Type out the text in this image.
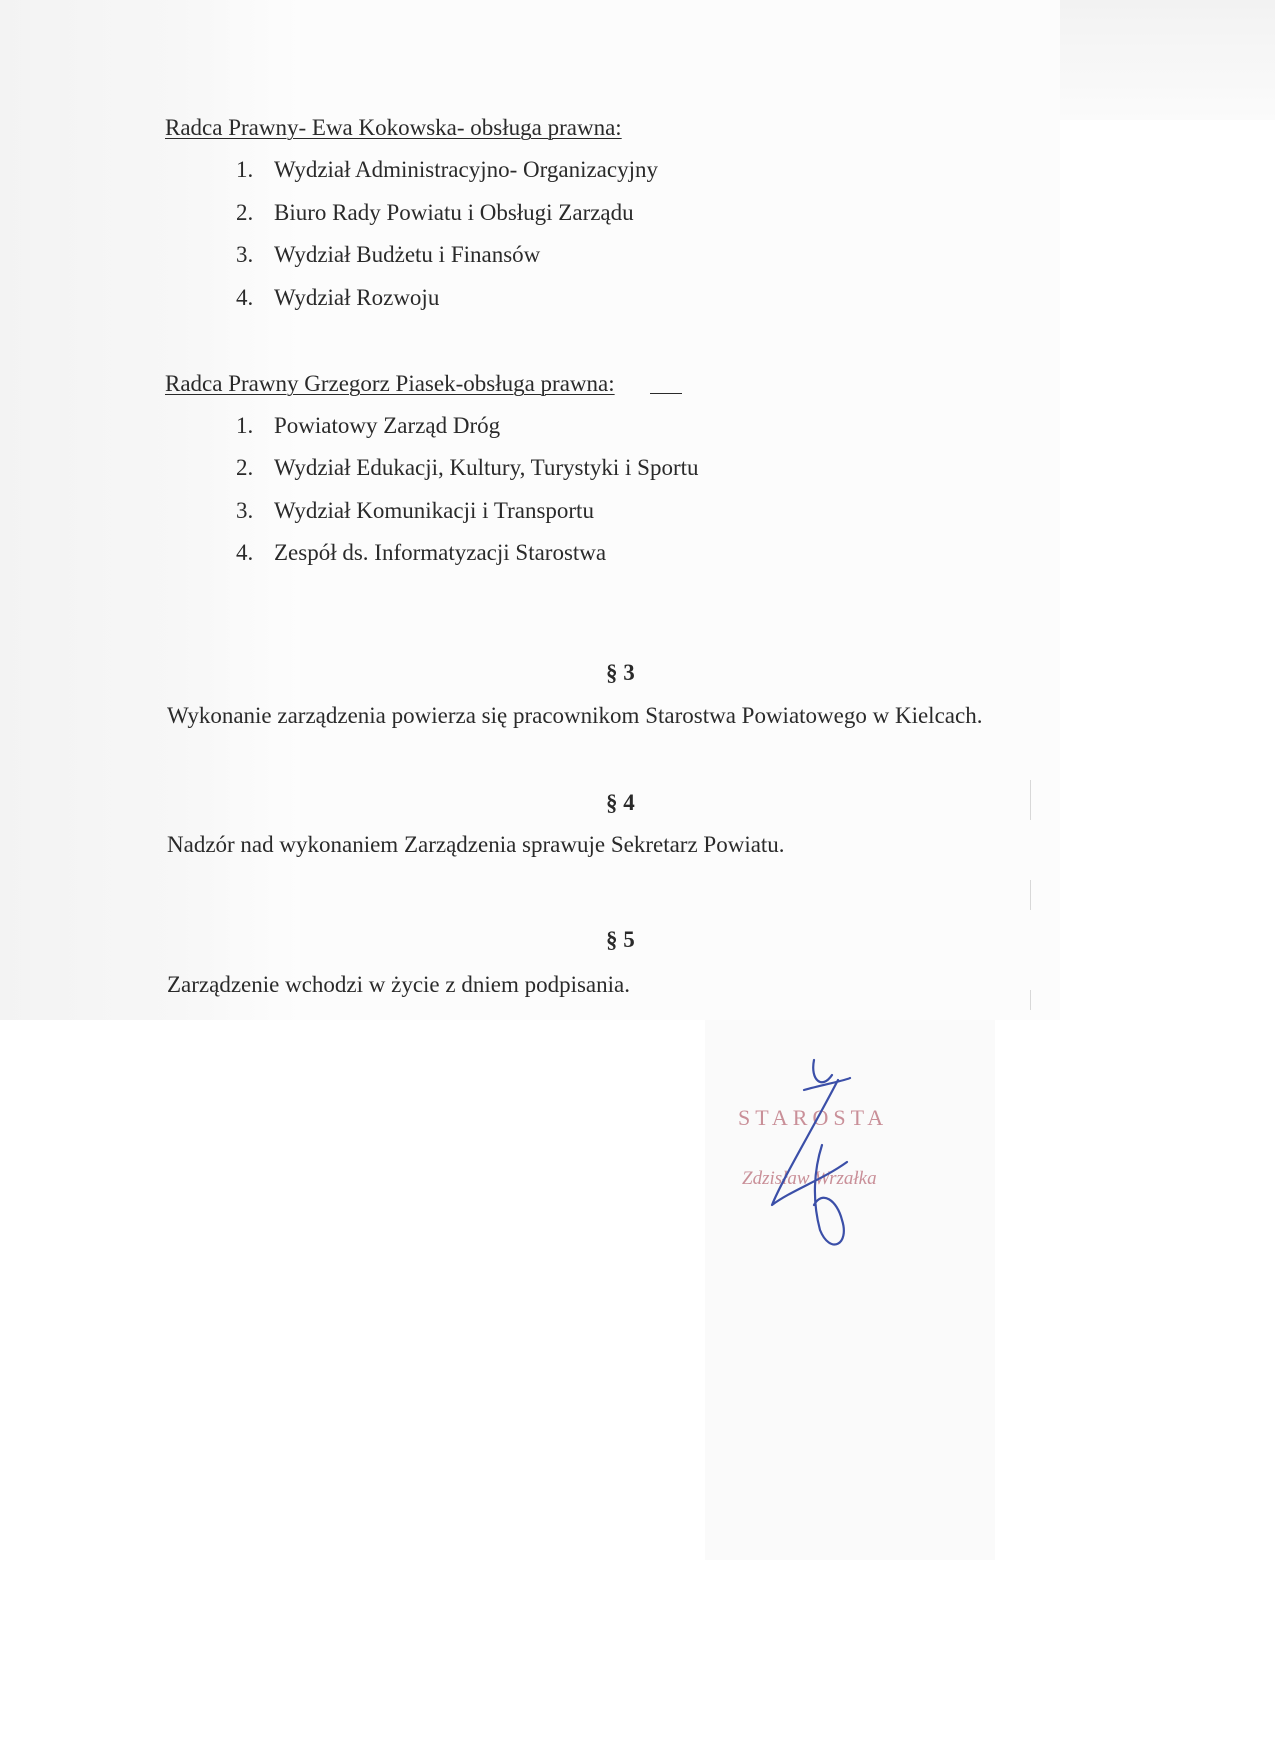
Radca Prawny- Ewa Kokowska- obsługa prawna:
1. Wydział Administracyjno- Organizacyjny
2. Biuro Rady Powiatu i Obsługi Zarządu
3. Wydział Budżetu i Finansów
4. Wydział Rozwoju
Radca Prawny Grzegorz Piasek-obsługa prawna:
1. Powiatowy Zarząd Dróg
2. Wydział Edukacji, Kultury, Turystyki i Sportu
3. Wydział Komunikacji i Transportu
4. Zespół ds. Informatyzacji Starostwa
§ 3
Wykonanie zarządzenia powierza się pracownikom Starostwa Powiatowego w Kielcach.
§ 4
Nadzór nad wykonaniem Zarządzenia sprawuje Sekretarz Powiatu.
§ 5
Zarządzenie wchodzi w życie z dniem podpisania.
STAROSTA
Zdzisław Wrzałka
